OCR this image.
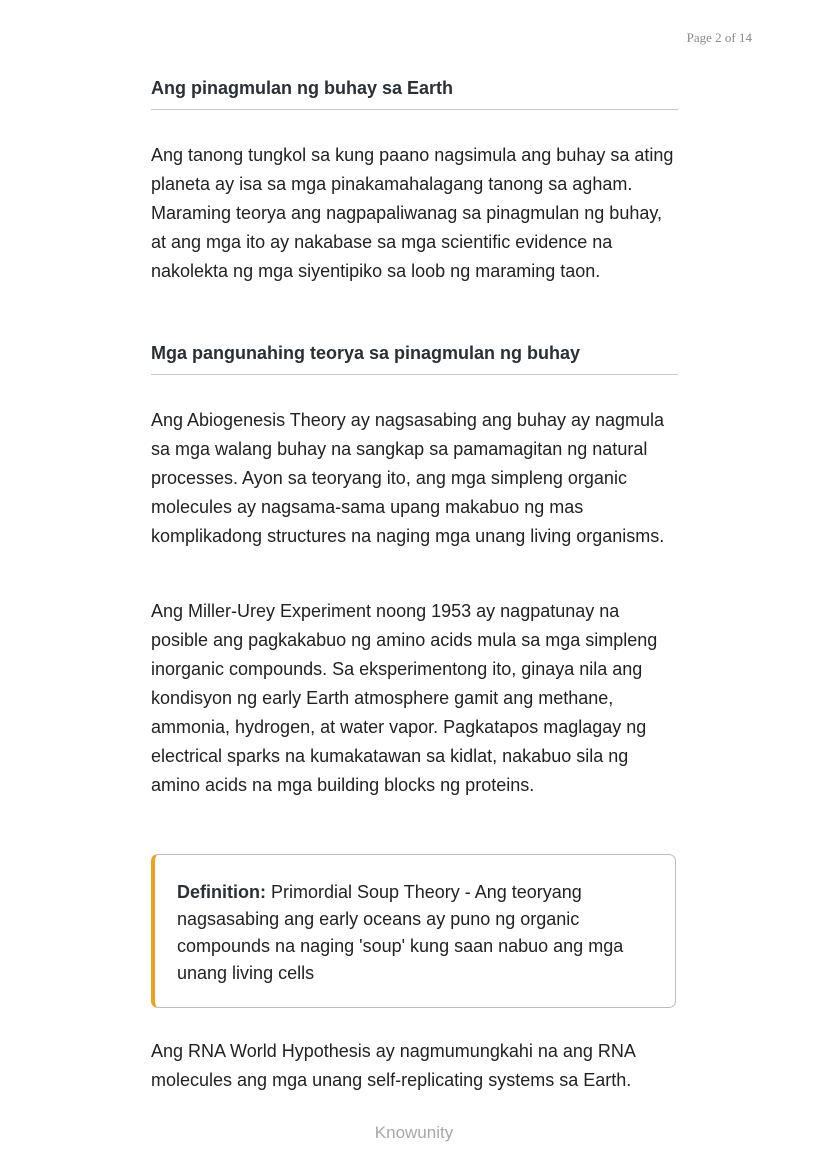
Page 2 of 14
Ang pinagmulan ng buhay sa Earth

Ang tanong tungkol sa kung paano nagsimula ang buhay sa ating planeta ay isa sa mga pinakamahalagang tanong sa agham. Maraming teorya ang nagpapaliwanag sa pinagmulan ng buhay, at ang mga ito ay nakabase sa mga scientific evidence na nakolekta ng mga siyentipiko sa loob ng maraming taon.

Mga pangunahing teorya sa pinagmulan ng buhay

Ang Abiogenesis Theory ay nagsasabing ang buhay ay nagmula sa mga walang buhay na sangkap sa pamamagitan ng natural processes. Ayon sa teoryang ito, ang mga simpleng organic molecules ay nagsama-sama upang makabuo ng mas komplikadong structures na naging mga unang living organisms.

Ang Miller-Urey Experiment noong 1953 ay nagpatunay na posible ang pagkakabuo ng amino acids mula sa mga simpleng inorganic compounds. Sa eksperimentong ito, ginaya nila ang kondisyon ng early Earth atmosphere gamit ang methane, ammonia, hydrogen, at water vapor. Pagkatapos maglagay ng electrical sparks na kumakatawan sa kidlat, nakabuo sila ng amino acids na mga building blocks ng proteins.

Definition: Primordial Soup Theory - Ang teoryang nagsasabing ang early oceans ay puno ng organic compounds na naging 'soup' kung saan nabuo ang mga unang living cells

Ang RNA World Hypothesis ay nagmumungkahi na ang RNA molecules ang mga unang self-replicating systems sa Earth.

Knowunity
